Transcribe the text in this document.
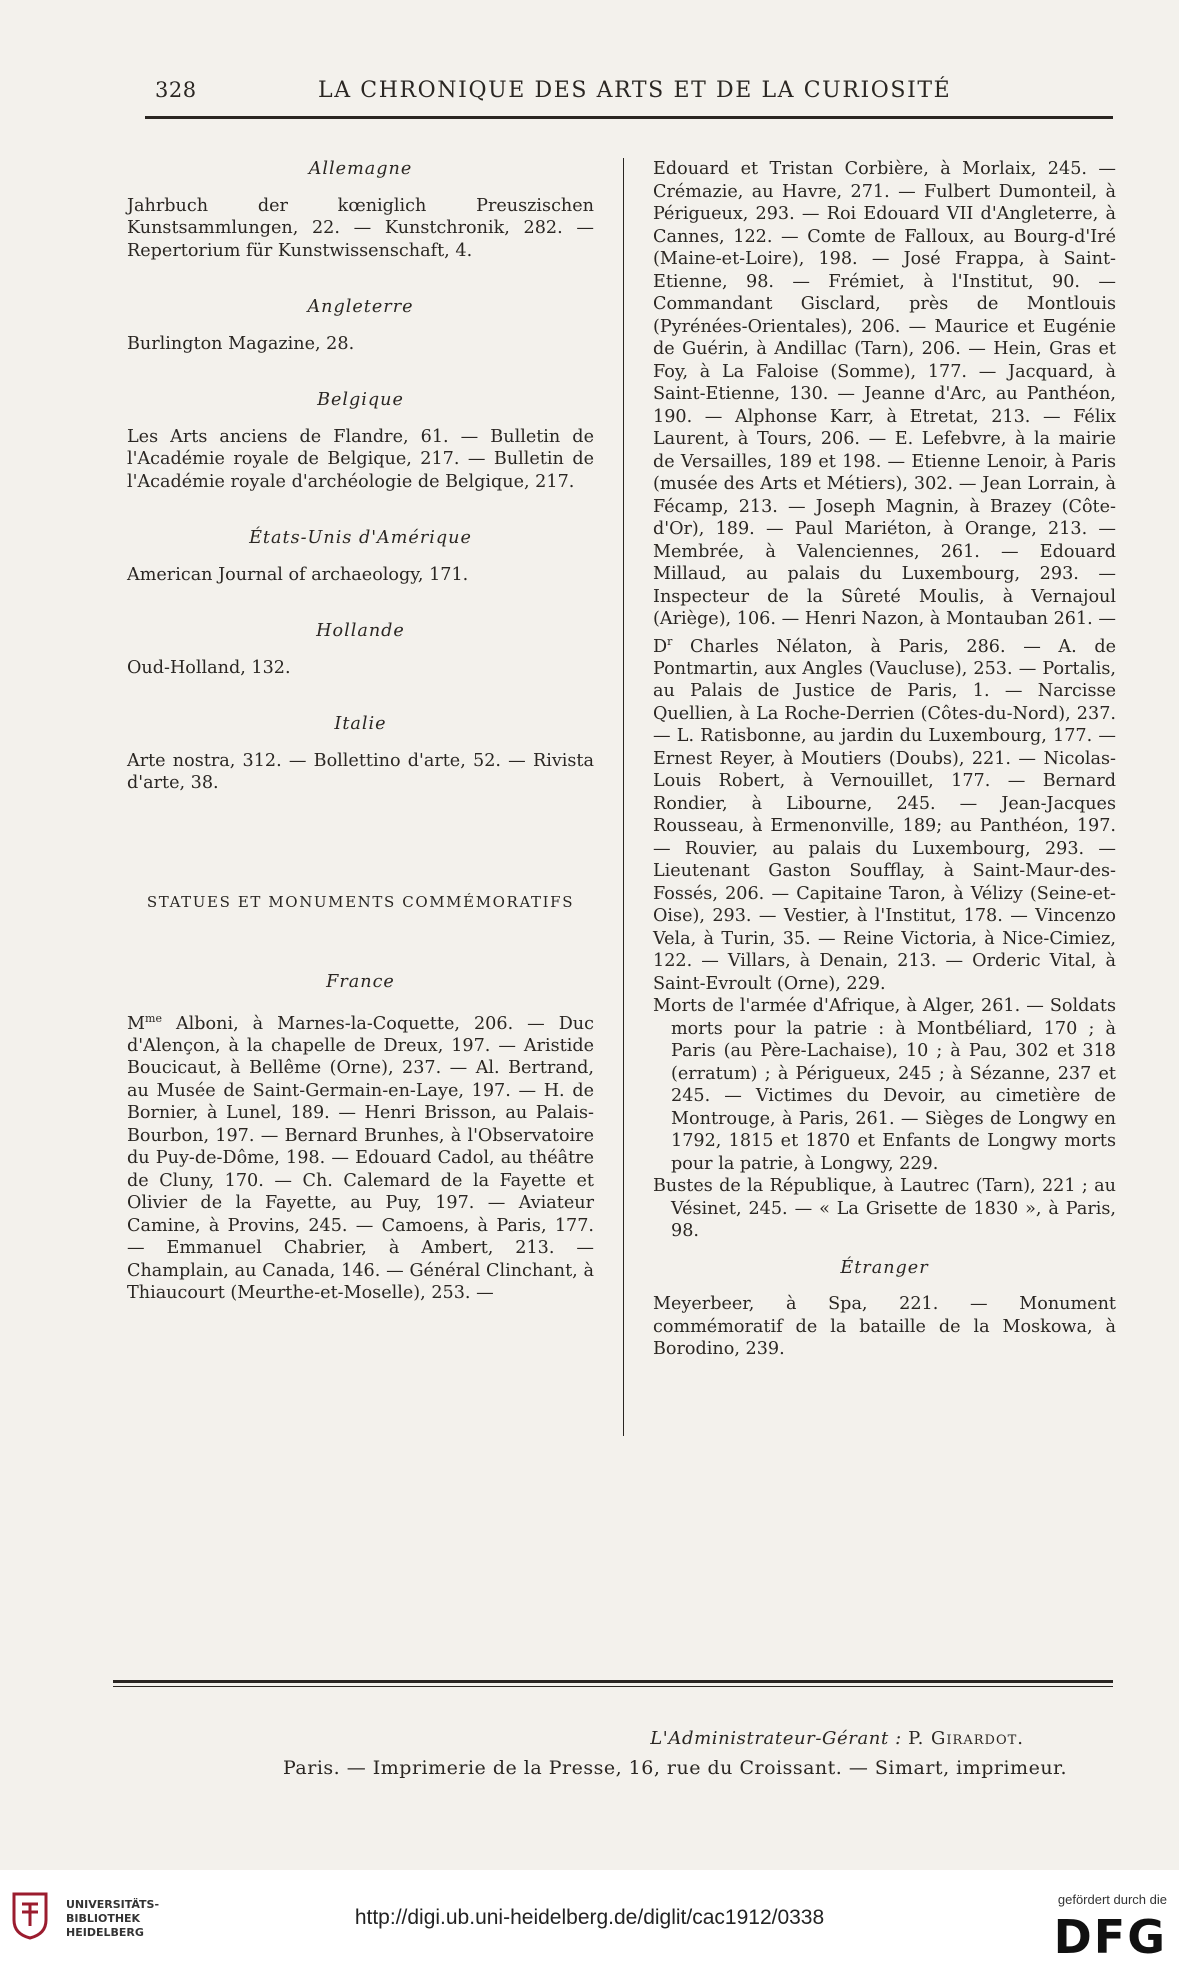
328	LA CHRONIQUE DES ARTS ET DE LA CURIOSITÉ
Allemagne
Jahrbuch der kœniglich Preuszischen Kunstsammlungen, 22. — Kunstchronik, 282. — Repertorium für Kunstwissenschaft, 4.
Angleterre
Burlington Magazine, 28.
Belgique
Les Arts anciens de Flandre, 61. — Bulletin de l'Académie royale de Belgique, 217. — Bulletin de l'Académie royale d'archéologie de Belgique, 217.
États-Unis d'Amérique
American Journal of archaeology, 171.
Hollande
Oud-Holland, 132.
Italie
Arte nostra, 312. — Bollettino d'arte, 52. — Rivista d'arte, 38.
STATUES ET MONUMENTS COMMÉMORATIFS
France
$M^{me}$ Alboni, à Marnes-la-Coquette, 206. — Duc d'Alençon, à la chapelle de Dreux, 197. — Aristide Boucicaut, à Bellême (Orne), 237. — Al. Bertrand, au Musée de Saint-Germain-en-Laye, 197. — H. de Bornier, à Lunel, 189. — Henri Brisson, au Palais-Bourbon, 197. — Bernard Brunhes, à l'Observatoire du Puy-de-Dôme, 198. — Edouard Cadol, au théâtre de Cluny, 170. — Ch. Calemard de la Fayette et Olivier de la Fayette, au Puy, 197. — Aviateur Camine, à Provins, 245. — Camoens, à Paris, 177. — Emmanuel Chabrier, à Ambert, 213. — Champlain, au Canada, 146. — Général Clinchant, à Thiaucourt (Meurthe-et-Moselle), 253. —
Edouard et Tristan Corbière, à Morlaix, 245. — Crémazie, au Havre, 271. — Fulbert Dumonteil, à Périgueux, 293. — Roi Edouard VII d'Angleterre, à Cannes, 122. — Comte de Falloux, au Bourg-d'Iré (Maine-et-Loire), 198. — José Frappa, à Saint-Etienne, 98. — Frémiet, à l'Institut, 90. — Commandant Gisclard, près de Montlouis (Pyrénées-Orientales), 206. — Maurice et Eugénie de Guérin, à Andillac (Tarn), 206. — Hein, Gras et Foy, à La Faloise (Somme), 177. — Jacquard, à Saint-Etienne, 130. — Jeanne d'Arc, au Panthéon, 190. — Alphonse Karr, à Etretat, 213. — Félix Laurent, à Tours, 206. — E. Lefebvre, à la mairie de Versailles, 189 et 198. — Etienne Lenoir, à Paris (musée des Arts et Métiers), 302. — Jean Lorrain, à Fécamp, 213. — Joseph Magnin, à Brazey (Côte-d'Or), 189. — Paul Mariéton, à Orange, 213. — Membrée, à Valenciennes, 261. — Edouard Millaud, au palais du Luxembourg, 293. — Inspecteur de la Sûreté Moulis, à Vernajoul (Ariège), 106. — Henri Nazon, à Montauban 261. — $D^r$ Charles Nélaton, à Paris, 286. — A. de Pontmartin, aux Angles (Vaucluse), 253. — Portalis, au Palais de Justice de Paris, 1. — Narcisse Quellien, à La Roche-Derrien (Côtes-du-Nord), 237. — L. Ratisbonne, au jardin du Luxembourg, 177. — Ernest Reyer, à Moutiers (Doubs), 221. — Nicolas-Louis Robert, à Vernouillet, 177. — Bernard Rondier, à Libourne, 245. — Jean-Jacques Rousseau, à Ermenonville, 189; au Panthéon, 197. — Rouvier, au palais du Luxembourg, 293. — Lieutenant Gaston Soufflay, à Saint-Maur-des-Fossés, 206. — Capitaine Taron, à Vélizy (Seine-et-Oise), 293. — Vestier, à l'Institut, 178. — Vincenzo Vela, à Turin, 35. — Reine Victoria, à Nice-Cimiez, 122. — Villars, à Denain, 213. — Orderic Vital, à Saint-Evroult (Orne), 229.
Morts de l'armée d'Afrique, à Alger, 261. — Soldats morts pour la patrie : à Montbéliard, 170 ; à Paris (au Père-Lachaise), 10 ; à Pau, 302 et 318 (erratum) ; à Périgueux, 245 ; à Sézanne, 237 et 245. — Victimes du Devoir, au cimetière de Montrouge, à Paris, 261. — Sièges de Longwy en 1792, 1815 et 1870 et Enfants de Longwy morts pour la patrie, à Longwy, 229.
Bustes de la République, à Lautrec (Tarn), 221 ; au Vésinet, 245. — « La Grisette de 1830 », à Paris, 98.
Étranger
Meyerbeer, à Spa, 221. — Monument commémoratif de la bataille de la Moskowa, à Borodino, 239.
L'Administrateur-Gérant : P. Girardot.
Paris. — Imprimerie de la Presse, 16, rue du Croissant. — Simart, imprimeur.
UNIVERSITÄTS-
BIBLIOTHEK
HEIDELBERG
http://digi.ub.uni-heidelberg.de/diglit/cac1912/0338
gefördert durch die
DFG
